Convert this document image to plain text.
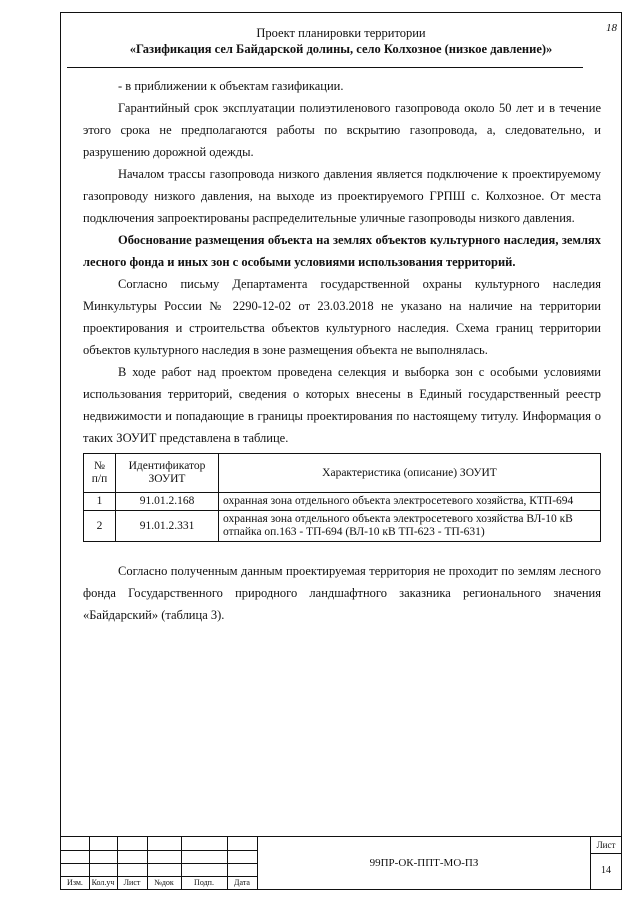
18
Проект планировки территории
«Газификация сел Байдарской долины, село Колхозное (низкое давление)»

- в приближении к объектам газификации.

Гарантийный срок эксплуатации полиэтиленового газопровода около 50 лет и в течение этого срока не предполагаются работы по вскрытию газопровода, а, следовательно, и разрушению дорожной одежды.

Началом трассы газопровода низкого давления является подключение к проектируемому газопроводу низкого давления, на выходе из проектируемого ГРПШ с. Колхозное. От места подключения запроектированы распределительные уличные газопроводы низкого давления.

Обоснование размещения объекта на землях объектов культурного наследия, землях лесного фонда и иных зон с особыми условиями использования территорий.

Согласно письму Департамента государственной охраны культурного наследия Минкультуры России № 2290-12-02 от 23.03.2018 не указано на наличие на территории проектирования и строительства объектов культурного наследия. Схема границ территории объектов культурного наследия в зоне размещения объекта не выполнялась.

В ходе работ над проектом проведена селекция и выборка зон с особыми условиями использования территорий, сведения о которых внесены в Единый государственный реестр недвижимости и попадающие в границы проектирования по настоящему титулу. Информация о таких ЗОУИТ представлена в таблице.

№ п/п	Идентификатор ЗОУИТ	Характеристика (описание) ЗОУИТ
1	91.01.2.168	охранная зона отдельного объекта электросетевого хозяйства, КТП-694
2	91.01.2.331	охранная зона отдельного объекта электросетевого хозяйства ВЛ-10 кВ отпайка оп.163 - ТП-694 (ВЛ-10 кВ ТП-623 - ТП-631)

Согласно полученным данным проектируемая территория не проходит по землям лесного фонда Государственного природного ландшафтного заказника регионального значения «Байдарский» (таблица 3).

Изм.	Кол.уч	Лист	№док	Подп.	Дата
99ПР-ОК-ППТ-МО-ПЗ
Лист
14
